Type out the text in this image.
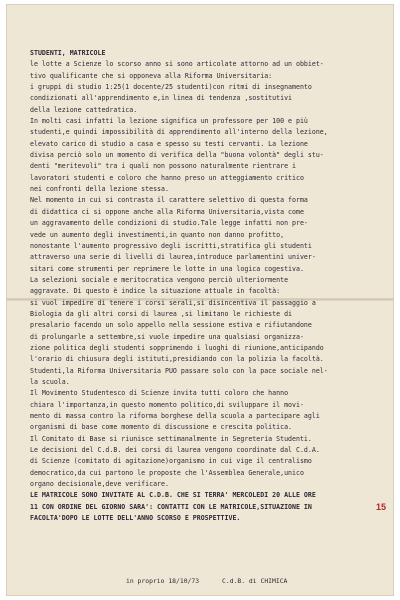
STUDENTI, MATRICOLE
le lotte a Scienze lo scorso anno si sono articolate attorno ad un obbiet-
tivo qualificante che si opponeva alla Riforma Universitaria:
i gruppi di studio 1:25(1 docente/25 studenti)con ritmi di insegnamento
condizionati all'apprendimento e,in linea di tendenza ,sostitutivi
della lezione cattedratica.
In molti casi infatti la lezione significa un professore per 100 e più
studenti,e quindi impossibilità di apprendimento all'interno della lezione,
elevato carico di studio a casa e spesso su testi cervanti. La lezione
divisa perciò solo un momento di verifica della "buona volontà" degli stu-
denti "meritevoli" tra i quali non possono naturalmente rientrare i
lavoratori studenti e coloro che hanno preso un atteggiamento critico
nei confronti della lezione stessa.
Nel momento in cui si contrasta il carattere selettivo di questa forma
di didattica ci si oppone anche alla Riforma Universitaria,vista come
un aggravamento delle condizioni di studio.Tale legge infatti non pre-
vede un aumento degli investimenti,in quanto non danno profitto,
nonostante l'aumento progressivo degli iscritti,stratifica gli studenti
attraverso una serie di livelli di laurea,introduce parlamentini univer-
sitari come strumenti per reprimere le lotte in una logica cogestiva.
La selezioni sociale e meritocratica vengono perciò ulteriormente
aggravate. Di questo è indice la situazione attuale in facoltà:
si vuol impedire di tenere i corsi serali,si disincentiva il passaggio a
Biologia da gli altri corsi di laurea ,si limitano le richieste di
presalario facendo un solo appello nella sessione estiva e rifiutandone
di prolungarle a settembre,si vuole impedire una qualsiasi organizza-
zione politica degli studenti sopprimendo i luoghi di riunione,anticipando
l'orario di chiusura degli istituti,presidiando con la polizia la facoltà.
Studenti,la Riforma Universitaria PUO passare solo con la pace sociale nel-
la scuola.
Il Movimento Studentesco di Scienze invita tutti coloro che hanno
chiara l'importanza,in questo momento politico,di sviluppare il movi-
mento di massa contro la riforma borghese della scuola a partecipare agli
organismi di base come momento di discussione e crescita politica.
Il Comitato di Base si riunisce settimanalmente in Segreteria Studenti.
Le decisioni del C.d.B. dei corsi di laurea vengono coordinate dal C.d.A.
di Scienze (comitato di agitazione)organismo in cui vige il centralismo
democratico,da cui partono le proposte che l'Assemblea Generale,unico
organo decisionale,deve verificare.
LE MATRICOLE SONO INVITATE AL C.D.B. CHE SI TERRA' MERCOLEDI 20 ALLE ORE
11 CON ORDINE DEL GIORNO SARA': CONTATTI CON LE MATRICOLE,SITUAZIONE IN
FACOLTA'DOPO LE LOTTE DELL'ANNO SCORSO E PROSPETTIVE.
in proprio 18/10/73	C.d.B. di CHIMICA
15
